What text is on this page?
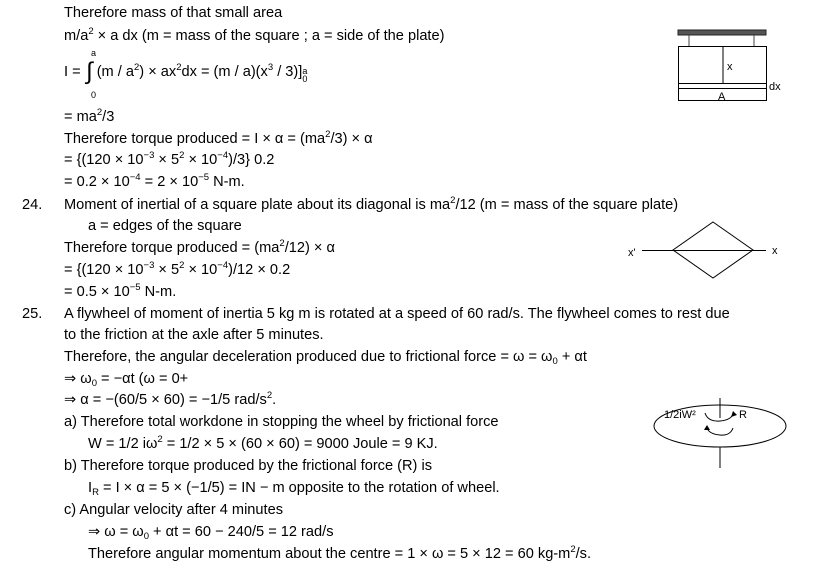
Therefore mass of that small area
$m/a^2 \times a$ dx (m = mass of the square ; a = side of the plate)
= $ma^2/3$
Therefore torque produced = $I \times \alpha = (ma^2/3) \times \alpha$
= $\{(120 \times 10^{-3} \times 5^2 \times 10^{-4})/3\}$ 0.2
= $0.2 \times 10^{-4} = 2 \times 10^{-5}$ N-m.
24. Moment of inertial of a square plate about its diagonal is $ma^2/12$ (m = mass of the square plate)
a = edges of the square
Therefore torque produced = $(ma^2/12) \times \alpha$
= {$(120 \times 10^{-3} \times 5^2 \times 10^{-4})/12 \times 0.2$
= $0.5 \times 10^{-5}$ N-m.
25. A flywheel of moment of inertia 5 kg m is rotated at a speed of 60 rad/s. The flywheel comes to rest due
to the friction at the axle after 5 minutes.
Therefore, the angular deceleration produced due to frictional force = $\omega = \omega_0 + \alpha t$
⇒ $\omega_0 = -\alpha t$ (ω = 0+
⇒ α = −(60/5 × 60) = −1/5 rad/$s^2$.
a) Therefore total workdone in stopping the wheel by frictional force
W = 1/2 $i\omega^2 = 1/2 \times 5 \times (60 \times 60) = 9000$ Joule = 9 KJ.
b) Therefore torque produced by the frictional force (R) is
$I_R = I \times \alpha = 5 \times (-1/5)$ = IN − m opposite to the rotation of wheel.
c) Angular velocity after 4 minutes
⇒ $\omega = \omega_0 + \alpha t = 60 - 240/5 = 12$ rad/s
Therefore angular momentum about the centre = 1 × ω = 5 × 12 = 60 $kg-m^2/s$.
$I = (m / a^2) \times ax^2dx = (m / a)(x^3 / 3)$] a
0
∫
a
0
x
dx
A
x'	x
1/2iW²	R
